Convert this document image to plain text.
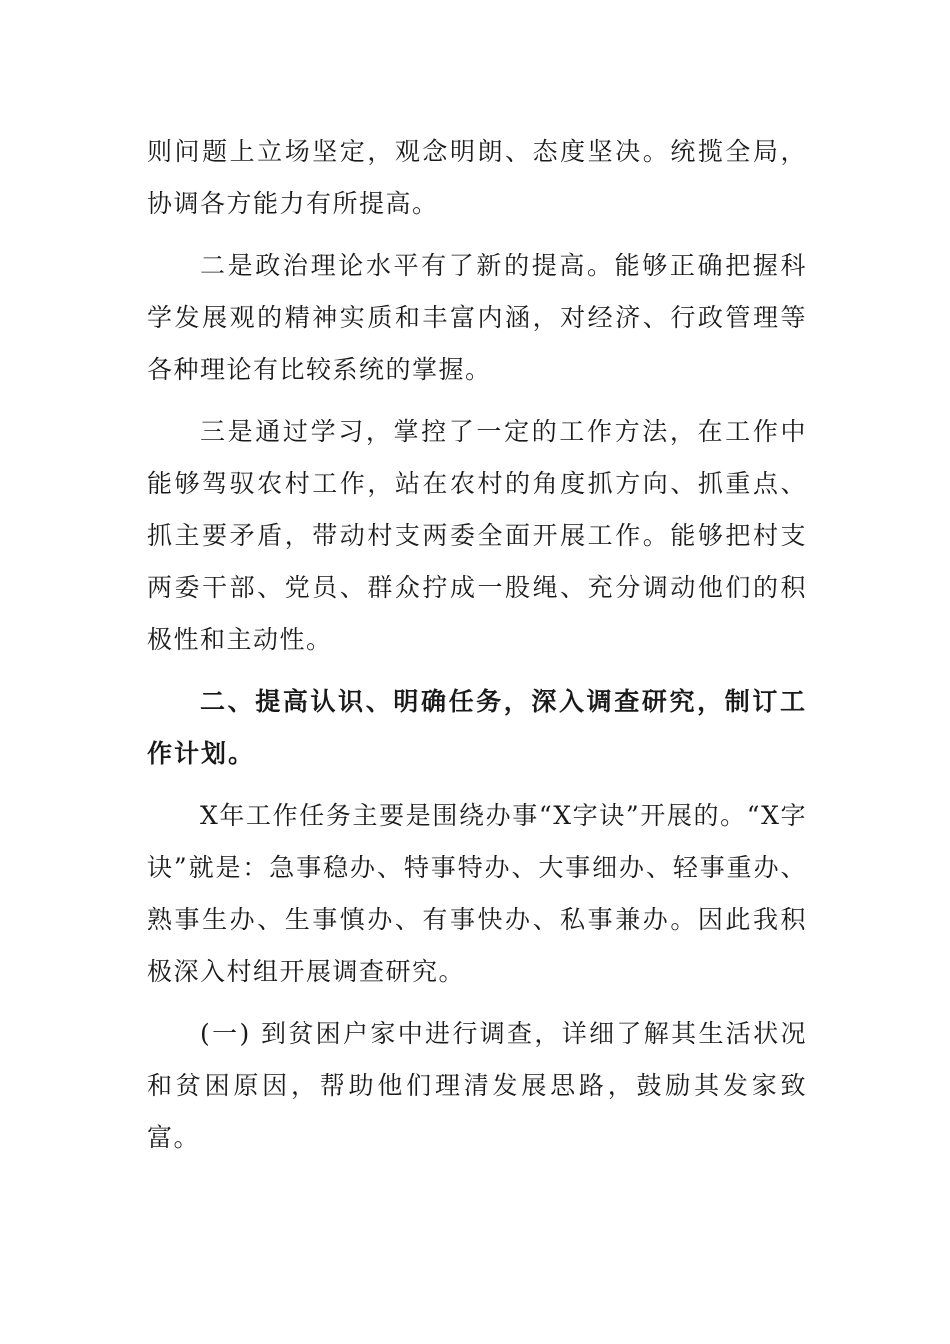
则问题上立场坚定，观念明朗、态度坚决。统揽全局，协调各方能力有所提高。

二是政治理论水平有了新的提高。能够正确把握科学发展观的精神实质和丰富内涵，对经济、行政管理等各种理论有比较系统的掌握。

三是通过学习，掌控了一定的工作方法，在工作中能够驾驭农村工作，站在农村的角度抓方向、抓重点、抓主要矛盾，带动村支两委全面开展工作。能够把村支两委干部、党员、群众拧成一股绳、充分调动他们的积极性和主动性。

二、提高认识、明确任务，深入调查研究，制订工作计划。

X年工作任务主要是围绕办事“X字诀”开展的。“X字诀”就是：急事稳办、特事特办、大事细办、轻事重办、熟事生办、生事慎办、有事快办、私事兼办。因此我积极深入村组开展调查研究。

(一) 到贫困户家中进行调查，详细了解其生活状况和贫困原因，帮助他们理清发展思路，鼓励其发家致富。
